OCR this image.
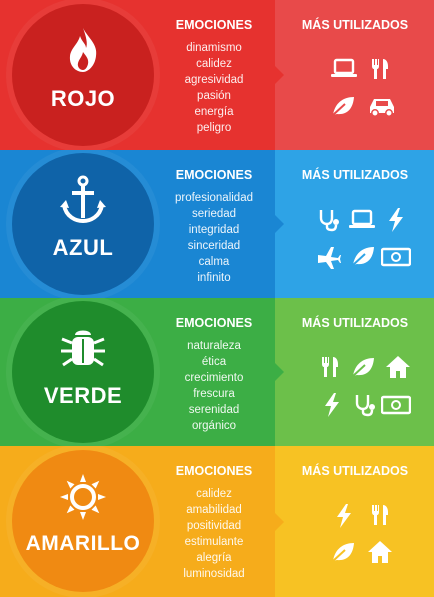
ROJO
EMOCIONES
dinamismo
calidez
agresividad
pasión
energía
peligro
MÁS UTILIZADOS
AZUL
EMOCIONES
profesionalidad
seriedad
integridad
sinceridad
calma
infinito
MÁS UTILIZADOS
VERDE
EMOCIONES
naturaleza
ética
crecimiento
frescura
serenidad
orgánico
MÁS UTILIZADOS
AMARILLO
EMOCIONES
calidez
amabilidad
positividad
estimulante
alegría
luminosidad
MÁS UTILIZADOS
